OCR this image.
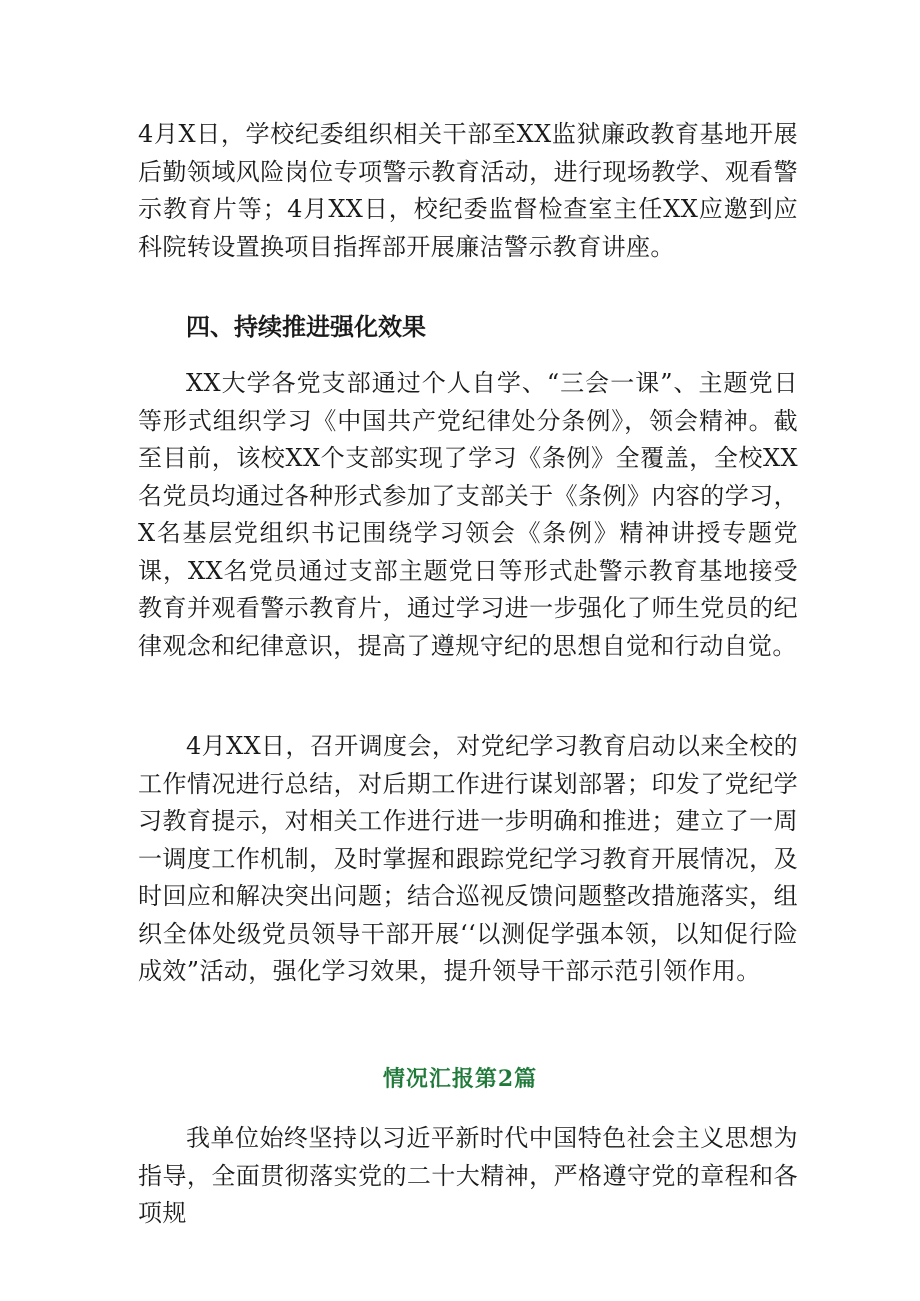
4月X日，学校纪委组织相关干部至XX监狱廉政教育基地开展后勤领域风险岗位专项警示教育活动，进行现场教学、观看警示教育片等；4月XX日，校纪委监督检查室主任XX应邀到应科院转设置换项目指挥部开展廉洁警示教育讲座。

四、持续推进强化效果

XX大学各党支部通过个人自学、“三会一课”、主题党日等形式组织学习《中国共产党纪律处分条例》，领会精神。截至目前，该校XX个支部实现了学习《条例》全覆盖，全校XX名党员均通过各种形式参加了支部关于《条例》内容的学习，X名基层党组织书记围绕学习领会《条例》精神讲授专题党课，XX名党员通过支部主题党日等形式赴警示教育基地接受教育并观看警示教育片，通过学习进一步强化了师生党员的纪律观念和纪律意识，提高了遵规守纪的思想自觉和行动自觉。

4月XX日，召开调度会，对党纪学习教育启动以来全校的工作情况进行总结，对后期工作进行谋划部署；印发了党纪学习教育提示，对相关工作进行进一步明确和推进；建立了一周一调度工作机制，及时掌握和跟踪党纪学习教育开展情况，及时回应和解决突出问题；结合巡视反馈问题整改措施落实，组织全体处级党员领导干部开展‘‘以测促学强本领，以知促行险成效”活动，强化学习效果，提升领导干部示范引领作用。

情况汇报第2篇

我单位始终坚持以习近平新时代中国特色社会主义思想为指导，全面贯彻落实党的二十大精神，严格遵守党的章程和各项规
